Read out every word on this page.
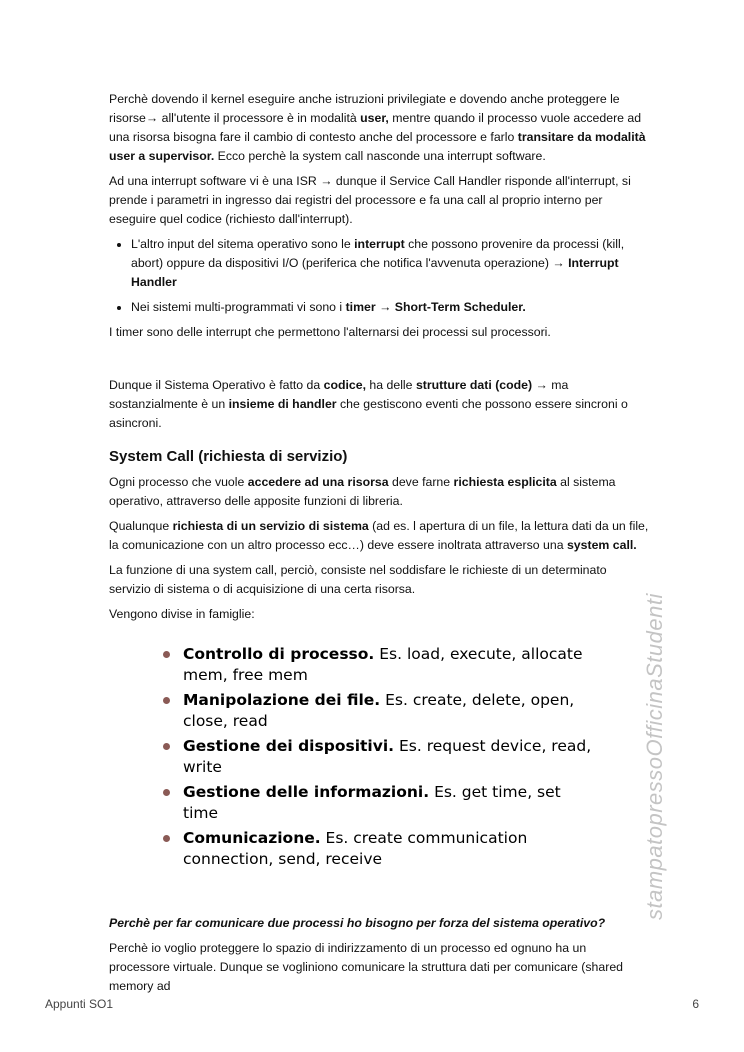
Perchè dovendo il kernel eseguire anche istruzioni privilegiate e dovendo anche proteggere le risorse→ all'utente il processore è in modalità user, mentre quando il processo vuole accedere ad una risorsa bisogna fare il cambio di contesto anche del processore e farlo transitare da modalità user a supervisor. Ecco perchè la system call nasconde una interrupt software.

Ad una interrupt software vi è una ISR → dunque il Service Call Handler risponde all'interrupt, si prende i parametri in ingresso dai registri del processore e fa una call al proprio interno per eseguire quel codice (richiesto dall'interrupt).

• L'altro input del sitema operativo sono le interrupt che possono provenire da processi (kill, abort) oppure da dispositivi I/O (periferica che notifica l'avvenuta operazione) → Interrupt Handler
• Nei sistemi multi-programmati vi sono i timer → Short-Term Scheduler.

I timer sono delle interrupt che permettono l'alternarsi dei processi sul processori.

Dunque il Sistema Operativo è fatto da codice, ha delle strutture dati (code) → ma sostanzialmente è un insieme di handler che gestiscono eventi che possono essere sincroni o asincroni.

System Call (richiesta di servizio)

Ogni processo che vuole accedere ad una risorsa deve farne richiesta esplicita al sistema operativo, attraverso delle apposite funzioni di libreria.

Qualunque richiesta di un servizio di sistema (ad es. l apertura di un file, la lettura dati da un file, la comunicazione con un altro processo ecc…) deve essere inoltrata attraverso una system call.

La funzione di una system call, perciò, consiste nel soddisfare le richieste di un determinato servizio di sistema o di acquisizione di una certa risorsa.

Vengono divise in famiglie:

Controllo di processo. Es. load, execute, allocate mem, free mem
Manipolazione dei file. Es. create, delete, open, close, read
Gestione dei dispositivi. Es. request device, read, write
Gestione delle informazioni. Es. get time, set time
Comunicazione. Es. create communication connection, send, receive

Perchè per far comunicare due processi ho bisogno per forza del sistema operativo?

Perchè io voglio proteggere lo spazio di indirizzamento di un processo ed ognuno ha un processore virtuale. Dunque se vogliniono comunicare la struttura dati per comunicare (shared memory ad

stampatopressoOfficinaStudenti
Appunti SO1	6
